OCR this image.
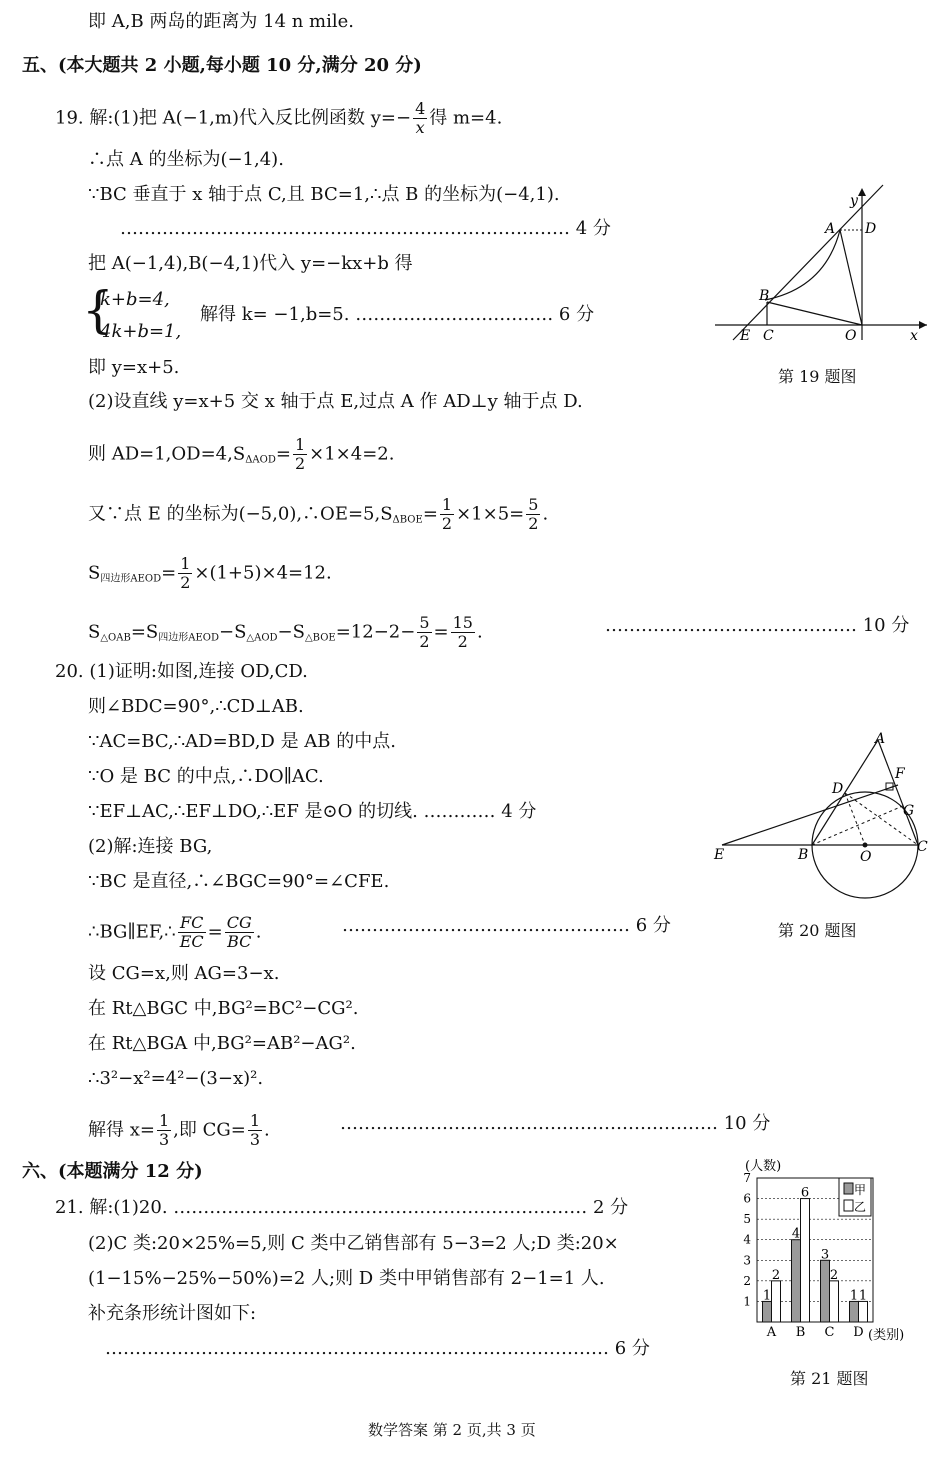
即 A,B 两岛的距离为 14 n mile.
五、(本大题共 2 小题,每小题 10 分,满分 20 分)
19. 解:(1)把 A(−1,m)代入反比例函数 $y=- \frac{4}{x}$ 得 m=4.
∴点 A 的坐标为(−1,4).
∵BC 垂直于 x 轴于点 C,且 BC=1,∴点 B 的坐标为(−4,1).
………………………………………………………………… 4 分
把 A(−1,4),B(−4,1)代入 y=−kx+b 得
{
k+b=4,
4k+b=1,
解得 k= −1,b=5. …………………………… 6 分
即 y=x+5.
(2)设直线 y=x+5 交 x 轴于点 E,过点 A 作 AD⊥y 轴于点 D.
则 $AD=1,OD=4,S_{\Delta AOD}= \frac{1}{2} \times 1\times 4=2$.
又∵点 E 的坐标为$(-5,0),\therefore OE=5,S_{\Delta BOE}= \frac{1}{2} \times 1\times 5= \frac{5}{2}$ .
$S_{四边形AEOD}= \frac{1}{2} \times(1+5)\times 4=12$.
$S_{\triangle OAB}=S_{四边形AEOD}-S_{\triangle AOD}-S_{\triangle BOE}=12-2- \frac{5}{2} = \frac{15}{2}$ .	…………………………………… 10 分
y
x
A D
B
E C	O
第 19 题图
20. (1)证明:如图,连接 OD,CD.
则∠BDC=90°,∴CD⊥AB.
∵AC=BC,∴AD=BD,D 是 AB 的中点.
∵O 是 BC 的中点,∴DO∥AC.
∵EF⊥AC,∴EF⊥DO,∴EF 是⊙O 的切线. ………… 4 分
(2)解:连接 BG,
∵BC 是直径,∴∠BGC=90°=∠CFE.
∴BG∥EF,∴ $\frac{FC}{EC} = \frac{CG}{BC}$ .	………………………………………… 6 分
设 CG=x,则 AG=3−x.
在 Rt△BGC 中,BG²=BC²−CG².
在 Rt△BGA 中,BG²=AB²−AG².
∴3²−x²=4²−(3−x)².
解得 $x= \frac{1}{3}$ ,即 $CG= \frac{1}{3}$ .	……………………………………………………… 10 分
A
F
D
G
E	B	O
C
第 20 题图
六、(本题满分 12 分)
21. 解:(1)20. …………………………………………………………… 2 分
(2)C 类:20×25%=5,则 C 类中乙销售部有 5−3=2 人;D 类:20×
(1−15%−25%−50%)=2 人;则 D 类中甲销售部有 2−1=1 人.
补充条形统计图如下:
………………………………………………………………………… 6 分
(人数)
(类别)
1
2
3
4
5
6
7
A B C D
1
2
4
6
3
2
1 1
甲
乙
第 21 题图
数学答案 第 2 页,共 3 页
